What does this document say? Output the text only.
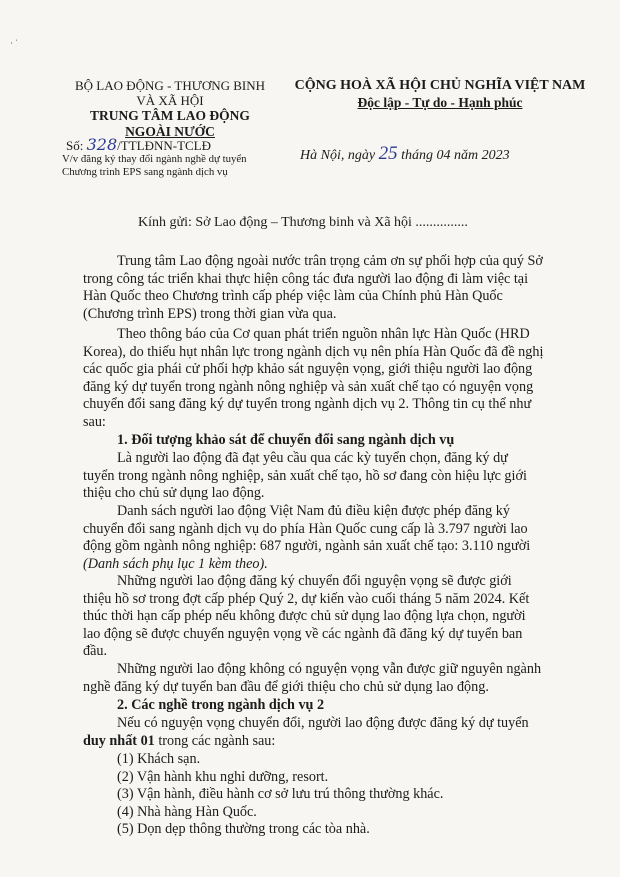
· ˈ
BỘ LAO ĐỘNG - THƯƠNG BINH
VÀ XÃ HỘI
TRUNG TÂM LAO ĐỘNG
NGOÀI NƯỚC
CỘNG HOÀ XÃ HỘI CHỦ NGHĨA VIỆT NAM
Độc lập - Tự do - Hạnh phúc
Số: 328/TTLĐNN-TCLĐ
V/v đăng ký thay đổi ngành nghề dự tuyển
Chương trình EPS sang ngành dịch vụ
Hà Nội, ngày 25 tháng 04 năm 2023
Kính gửi: Sở Lao động – Thương binh và Xã hội ...............
Trung tâm Lao động ngoài nước trân trọng cảm ơn sự phối hợp của quý Sở
trong công tác triển khai thực hiện công tác đưa người lao động đi làm việc tại
Hàn Quốc theo Chương trình cấp phép việc làm của Chính phủ Hàn Quốc
(Chương trình EPS) trong thời gian vừa qua.
Theo thông báo của Cơ quan phát triển nguồn nhân lực Hàn Quốc (HRD
Korea), do thiếu hụt nhân lực trong ngành dịch vụ nên phía Hàn Quốc đã đề nghị
các quốc gia phái cử phối hợp khảo sát nguyện vọng, giới thiệu người lao động
đăng ký dự tuyển trong ngành nông nghiệp và sản xuất chế tạo có nguyện vọng
chuyển đổi sang đăng ký dự tuyển trong ngành dịch vụ 2. Thông tin cụ thể như
sau:
1. Đối tượng khảo sát để chuyển đổi sang ngành dịch vụ
Là người lao động đã đạt yêu cầu qua các kỳ tuyển chọn, đăng ký dự
tuyển trong ngành nông nghiệp, sản xuất chế tạo, hồ sơ đang còn hiệu lực giới
thiệu cho chủ sử dụng lao động.
Danh sách người lao động Việt Nam đủ điều kiện được phép đăng ký
chuyển đổi sang ngành dịch vụ do phía Hàn Quốc cung cấp là 3.797 người lao
động gồm ngành nông nghiệp: 687 người, ngành sản xuất chế tạo: 3.110 người
(Danh sách phụ lục 1 kèm theo).
Những người lao động đăng ký chuyển đổi nguyện vọng sẽ được giới
thiệu hồ sơ trong đợt cấp phép Quý 2, dự kiến vào cuối tháng 5 năm 2024. Kết
thúc thời hạn cấp phép nếu không được chủ sử dụng lao động lựa chọn, người
lao động sẽ được chuyển nguyện vọng về các ngành đã đăng ký dự tuyển ban
đầu.
Những người lao động không có nguyện vọng vẫn được giữ nguyên ngành
nghề đăng ký dự tuyển ban đầu để giới thiệu cho chủ sử dụng lao động.
2. Các nghề trong ngành dịch vụ 2
Nếu có nguyện vọng chuyển đổi, người lao động được đăng ký dự tuyển
duy nhất 01 trong các ngành sau:
(1) Khách sạn.
(2) Vận hành khu nghỉ dưỡng, resort.
(3) Vận hành, điều hành cơ sở lưu trú thông thường khác.
(4) Nhà hàng Hàn Quốc.
(5) Dọn dẹp thông thường trong các tòa nhà.
